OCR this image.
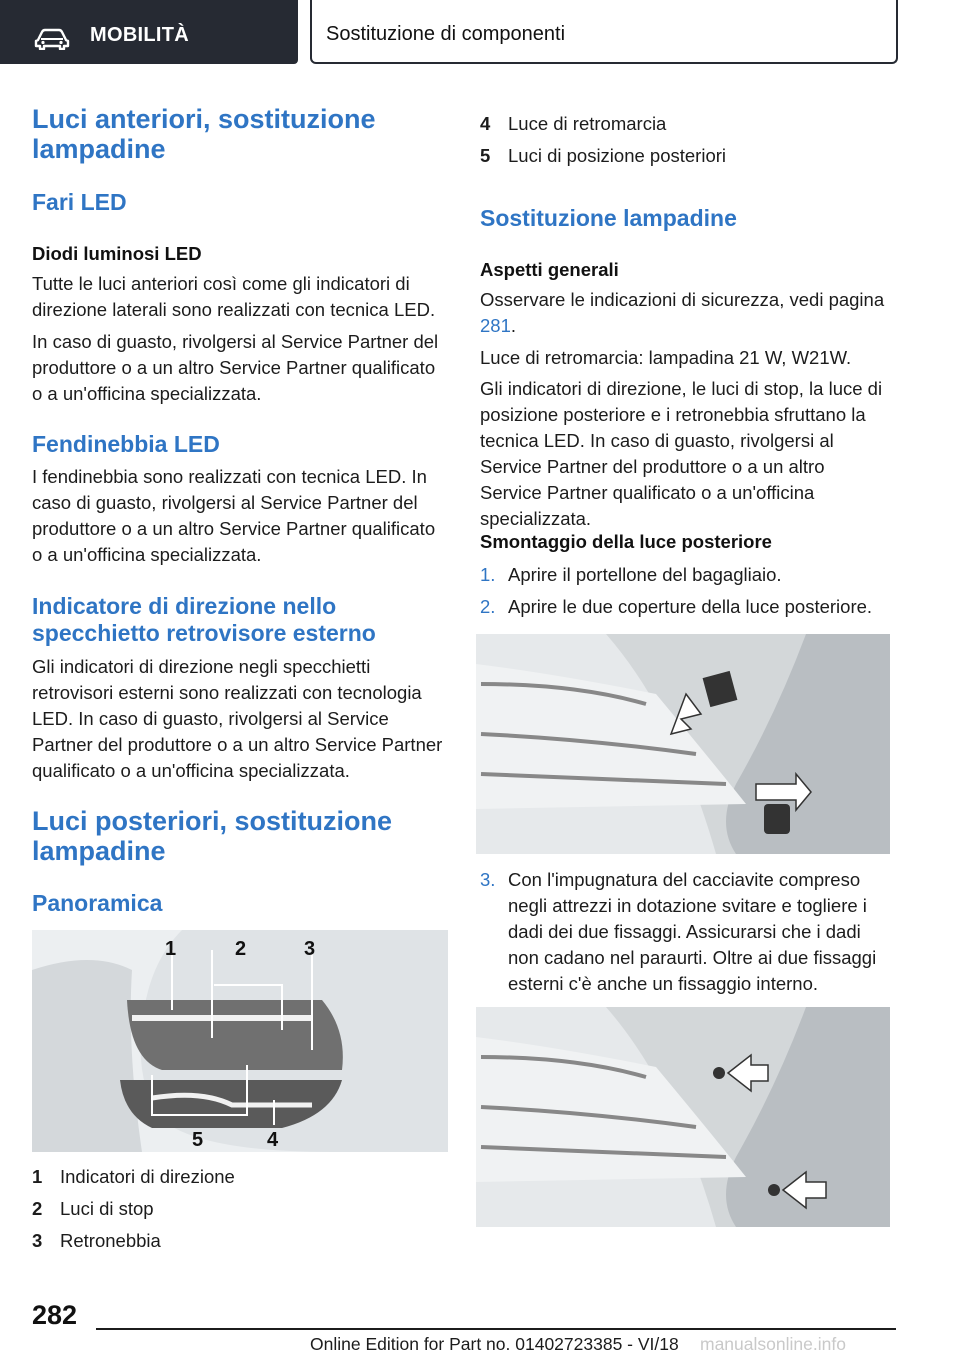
MOBILITÀ	Sostituzione di componenti
Luci anteriori, sostituzione lampadine
Fari LED
Diodi luminosi LED
Tutte le luci anteriori così come gli indicatori di direzione laterali sono realizzati con tecnica LED.
In caso di guasto, rivolgersi al Service Partner del produttore o a un altro Service Partner qualificato o a un'officina specializzata.
Fendinebbia LED
I fendinebbia sono realizzati con tecnica LED. In caso di guasto, rivolgersi al Service Partner del produttore o a un altro Service Partner qualificato o a un'officina specializzata.
Indicatore di direzione nello specchietto retrovisore esterno
Gli indicatori di direzione negli specchietti retrovisori esterni sono realizzati con tecnologia LED. In caso di guasto, rivolgersi al Service Partner del produttore o a un altro Service Partner qualificato o a un'officina specializzata.
Luci posteriori, sostituzione lampadine
Panoramica
1	2	3
4
5
1 Indicatori di direzione
2 Luci di stop
3 Retronebbia
4 Luce di retromarcia
5 Luci di posizione posteriori
Sostituzione lampadine
Aspetti generali
Osservare le indicazioni di sicurezza, vedi pagina 281.
Luce di retromarcia: lampadina 21 W, W21W.
Gli indicatori di direzione, le luci di stop, la luce di posizione posteriore e i retronebbia sfruttano la tecnica LED. In caso di guasto, rivolgersi al Service Partner del produttore o a un altro Service Partner qualificato o a un'officina specializzata.
Smontaggio della luce posteriore
1. Aprire il portellone del bagagliaio.
2. Aprire le due coperture della luce posteriore.
3. Con l'impugnatura del cacciavite compreso negli attrezzi in dotazione svitare e togliere i dadi dei due fissaggi. Assicurarsi che i dadi non cadano nel paraurti. Oltre ai due fissaggi esterni c'è anche un fissaggio interno.
282
Online Edition for Part no. 01402723385 - VI/18 manualsonline.info
